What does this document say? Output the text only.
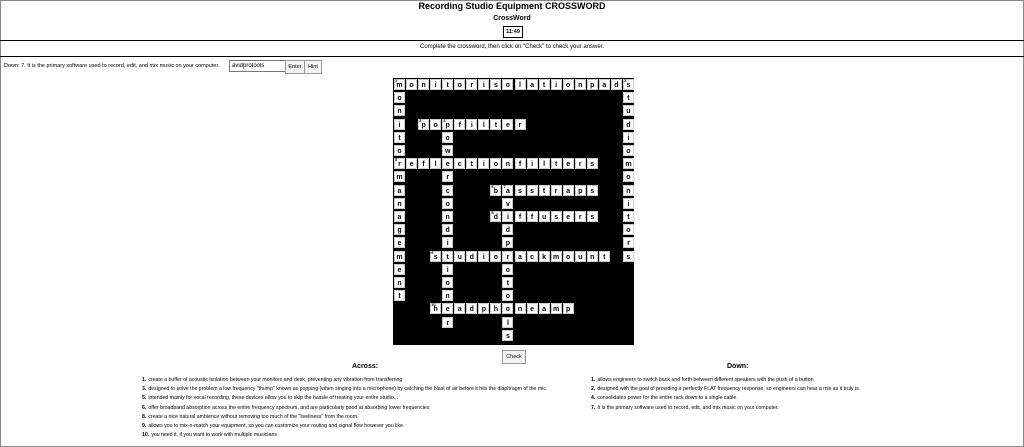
Recording Studio Equipment CROSSWORD
CrossWord
11:49
Complete the crossword, then click on "Check" to check your answer.
Down: 7. It is the primary software used to record, edit, and mix music on your computer.
avidprotools	Enter	Hint
1
m o	n	i	t	o	r	i	s	o	l	a	t	i	o	n	p	a	d
2
s
o	t
n	u
i
3
p	o
4
p	f	i	l	t	e	r	d
t	o	i
o	w	o
5
r	e	f	l	e	c	t	i	o	n	f	i	l	t	e	r	s	m
m	r	o
a	c
6
b
7
a	s	s	t	r	a	p	s	n
n	o	v	i
a	n
8
d	i	f	f	u	s	e	r	s	t
g	d	d	o
e	i	p	r
m
9
s	t	u	d	i	o	r	a	c	k m o	u	n	t	s
e	i	o
n	o	t
t	n	o
10
h	e	a	d	p	h	o	n	e	a m p
r	l
s
Check
Across:	Down:
1. create a buffer of acoustic isolation between your monitors and desk, preventing any vibration from transferring
3. designed to solve the problem a low frequency "thump" known as popping (when singing into a microphone) by catching the blast of air before it hits the diaphragm of the mic.
5. intended mainly for vocal recording, these devices allow you to skip the hassle of treating your entire studio...
6. offer broadband absorption across the entire frequency spectrum, and are particularly good at absorbing lower frequencies
8. create a nice natural ambience without removing too much of the "liveliness" from the room.
9. allows you to mix-n-match your equipment, so you can customize your routing and signal flow however you like.
10. you need it, if you want to work with multiple musicians
1. allows engineers to switch back and forth between different speakers with the push of a button
2. designed with the goal of providing a perfectly FLAT frequency response, so engineers can hear a mix as it truly is.
4. consolidates power for the entire rack down to a single cable.
7. It is the primary software used to record, edit, and mix music on your computer.
